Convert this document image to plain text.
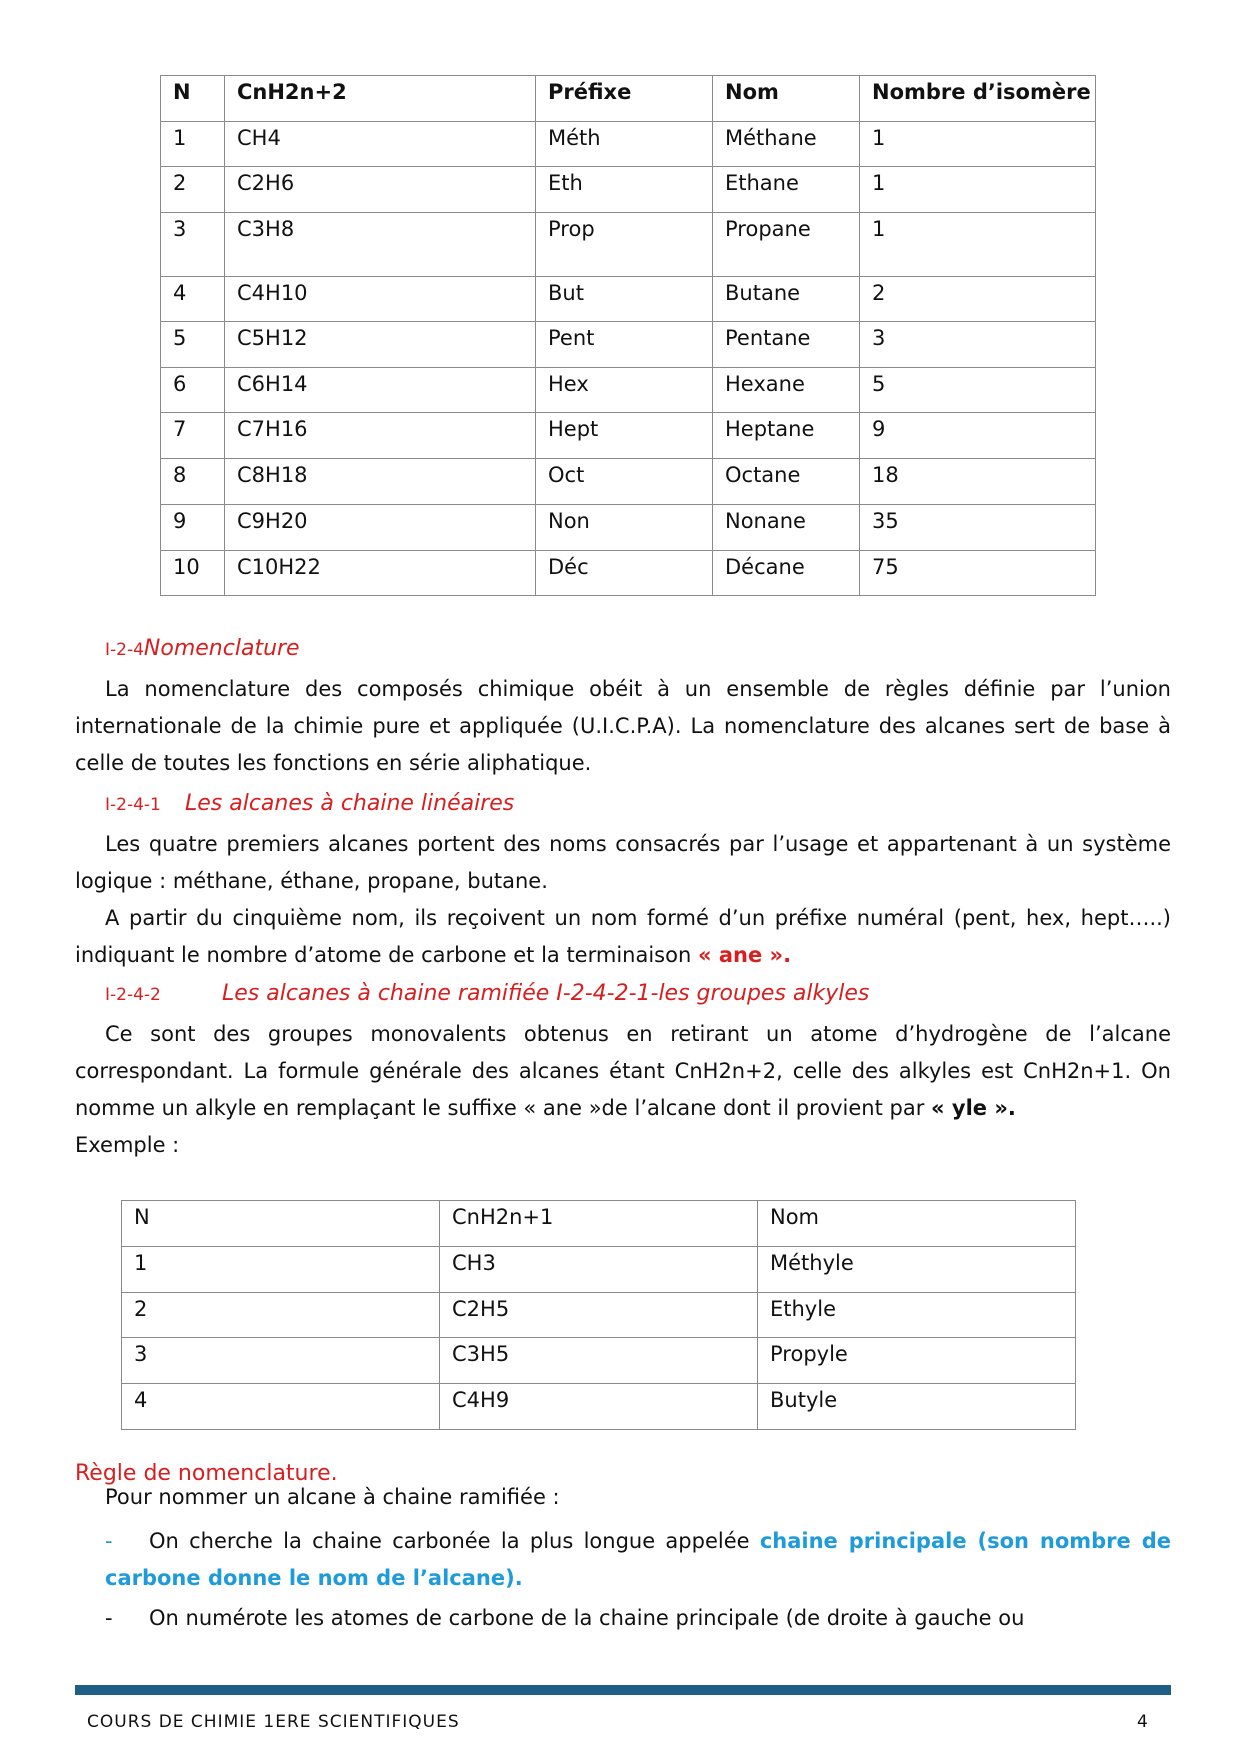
N	CnH2n+2	Préfixe	Nom	Nombre d’isomère
1	CH4	Méth	Méthane	1
2	C2H6	Eth	Ethane	1
3	C3H8	Prop	Propane	1
4	C4H10	But	Butane	2
5	C5H12	Pent	Pentane	3
6	C6H14	Hex	Hexane	5
7	C7H16	Hept	Heptane	9
8	C8H18	Oct	Octane	18
9	C9H20	Non	Nonane	35
10	C10H22	Déc	Décane	75
I-2-4Nomenclature

La nomenclature des composés chimique obéit à un ensemble de règles définie par l’union internationale de la chimie pure et appliquée (U.I.C.P.A). La nomenclature des alcanes sert de base à celle de toutes les fonctions en série aliphatique.

I-2-4-1 Les alcanes à chaine linéaires

Les quatre premiers alcanes portent des noms consacrés par l’usage et appartenant à un système logique : méthane, éthane, propane, butane.

A partir du cinquième nom, ils reçoivent un nom formé d’un préfixe numéral (pent, hex, hept…..) indiquant le nombre d’atome de carbone et la terminaison « ane ».

I-2-4-2	Les alcanes à chaine ramifiée I-2-4-2-1-les groupes alkyles

Ce sont des groupes monovalents obtenus en retirant un atome d’hydrogène de l’alcane correspondant. La formule générale des alcanes étant CnH2n+2, celle des alkyles est CnH2n+1. On nomme un alkyle en remplaçant le suffixe « ane »de l’alcane dont il provient par « yle ».

Exemple :

N	CnH2n+1	Nom
1	CH3	Méthyle
2	C2H5	Ethyle
3	C3H5	Propyle
4	C4H9	Butyle
Règle de nomenclature.
Pour nommer un alcane à chaine ramifiée :

- On cherche la chaine carbonée la plus longue appelée chaine principale (son nombre de carbone donne le nom de l’alcane).

- On numérote les atomes de carbone de la chaine principale (de droite à gauche ou

COURS DE CHIMIE 1ERE SCIENTIFIQUES	4
